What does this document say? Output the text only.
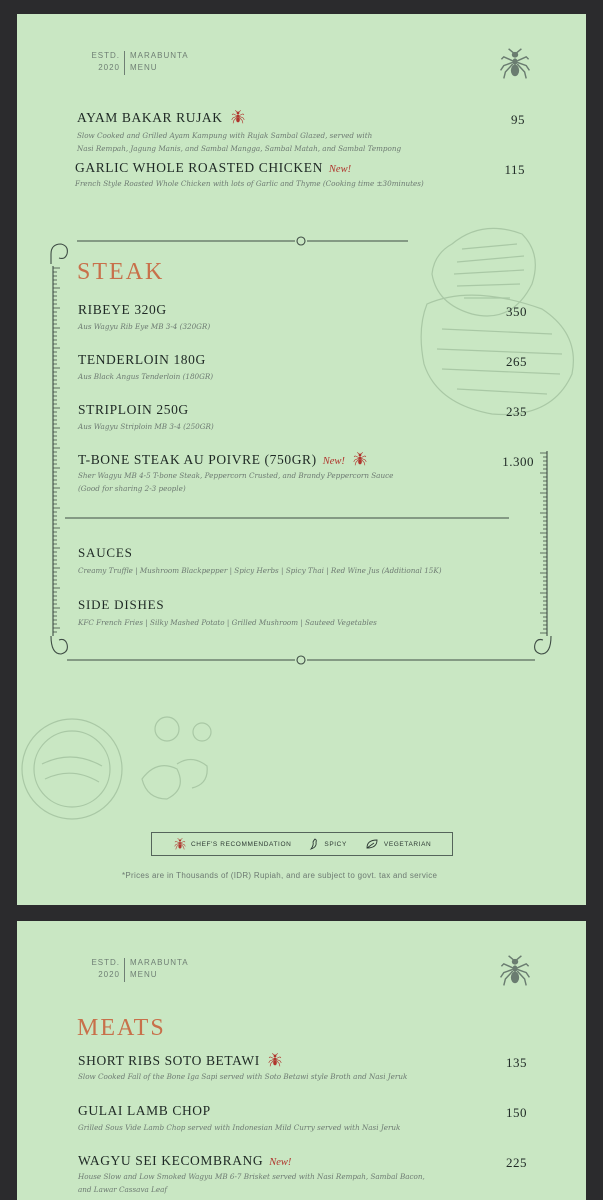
ESTD.
2020
MARABUNTA
MENU
AYAM BAKAR RUJAK
Slow Cooked and Grilled Ayam Kampung with Rujak Sambal Glazed, served with
Nasi Rempah, Jagung Manis, and Sambal Mangga, Sambal Matah, and Sambal Tempong
95
GARLIC WHOLE ROASTED CHICKEN New!
French Style Roasted Whole Chicken with lots of Garlic and Thyme (Cooking time ±30minutes)
115
STEAK
RIBEYE 320G
Aus Wagyu Rib Eye MB 3-4 (320GR)
350
TENDERLOIN 180G
Aus Black Angus Tenderloin (180GR)
265
STRIPLOIN 250G
Aus Wagyu Striploin MB 3-4 (250GR)
235
T-BONE STEAK AU POIVRE (750GR) New!
Sher Wagyu MB 4-5 T-bone Steak, Peppercorn Crusted, and Brandy Peppercorn Sauce
(Good for sharing 2-3 people)
1.300
SAUCES
Creamy Truffle | Mushroom Blackpepper | Spicy Herbs | Spicy Thai | Red Wine Jus (Additional 15K)
SIDE DISHES
KFC French Fries | Silky Mashed Potato | Grilled Mushroom | Sauteed Vegetables
CHEF'S RECOMMENDATION	SPICY	VEGETARIAN
*Prices are in Thousands of (IDR) Rupiah, and are subject to govt. tax and service
ESTD.
2020
MARABUNTA
MENU
MEATS
SHORT RIBS SOTO BETAWI
Slow Cooked Fall of the Bone Iga Sapi served with Soto Betawi style Broth and Nasi Jeruk
135
GULAI LAMB CHOP
Grilled Sous Vide Lamb Chop served with Indonesian Mild Curry served with Nasi Jeruk
150
WAGYU SEI KECOMBRANG New!
House Slow and Low Smoked Wagyu MB 6-7 Brisket served with Nasi Rempah, Sambal Bacon,
and Lawar Cassava Leaf
225
